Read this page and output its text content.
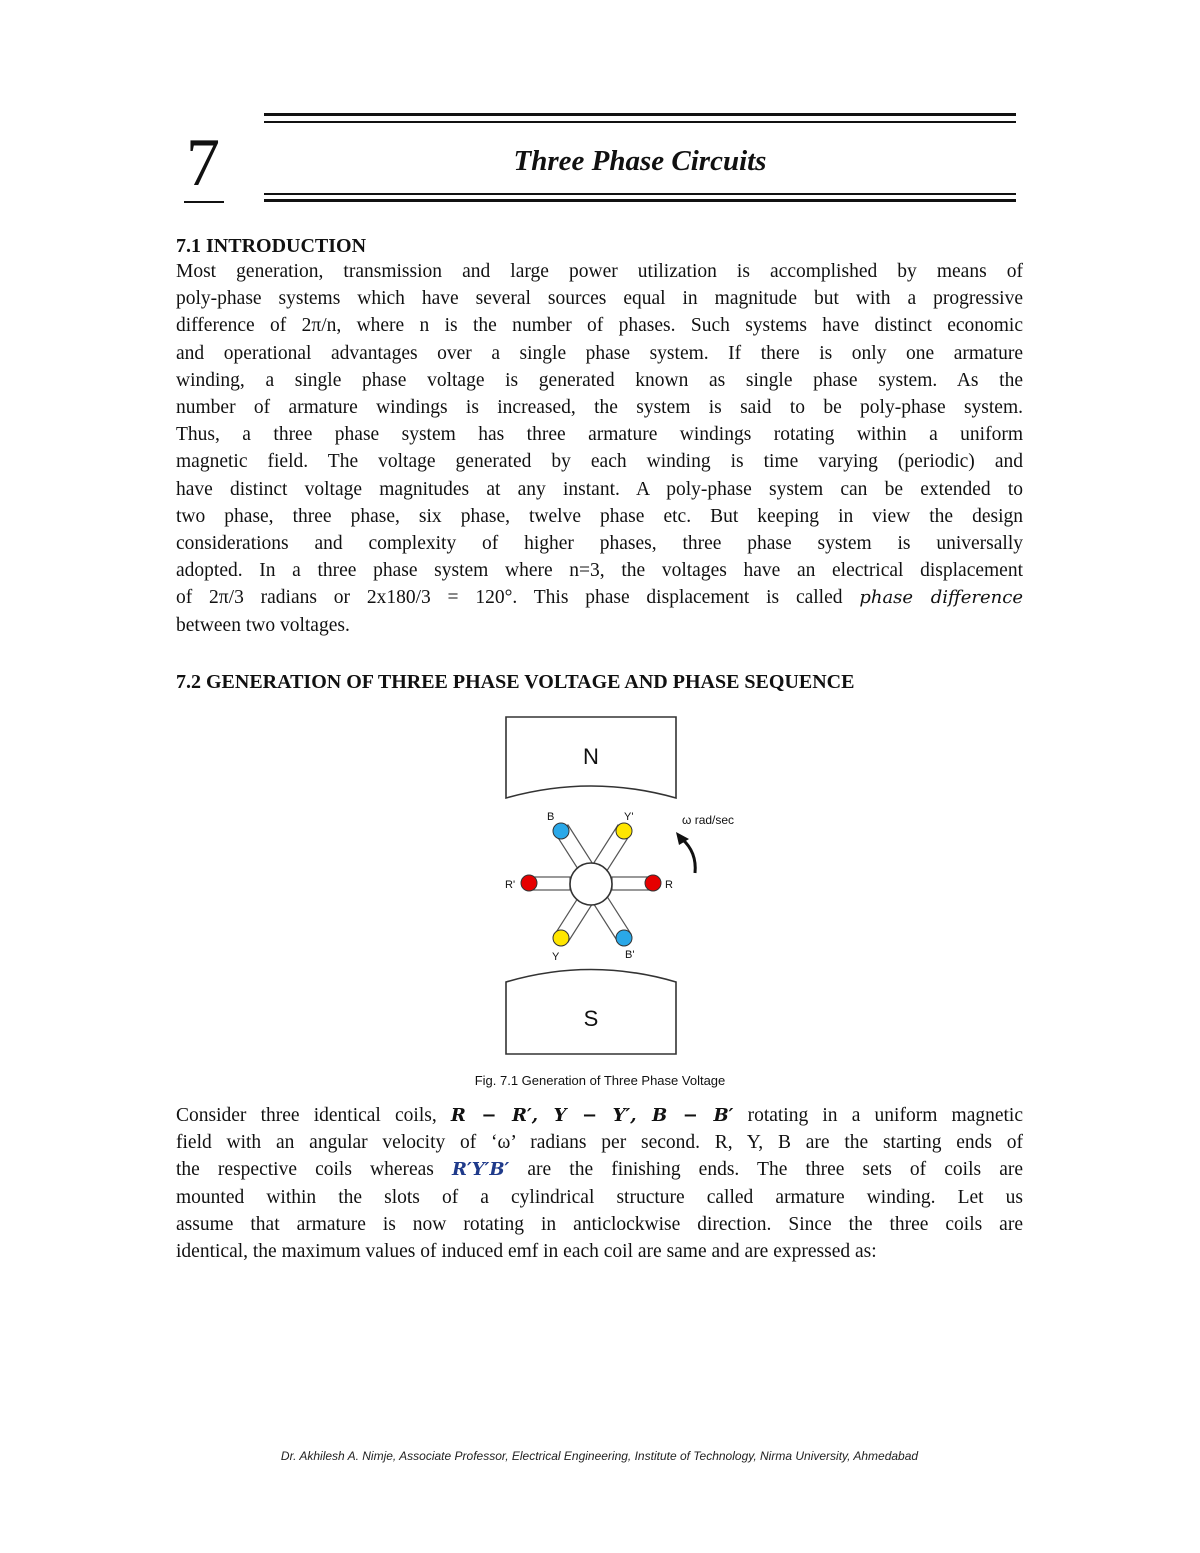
7	Three Phase Circuits
7.1 INTRODUCTION
Most generation, transmission and large power utilization is accomplished by means of
poly-phase systems which have several sources equal in magnitude but with a progressive
difference of 2π/n, where n is the number of phases. Such systems have distinct economic
and operational advantages over a single phase system. If there is only one armature
winding, a single phase voltage is generated known as single phase system. As the
number of armature windings is increased, the system is said to be poly-phase system.
Thus, a three phase system has three armature windings rotating within a uniform
magnetic field. The voltage generated by each winding is time varying (periodic) and
have distinct voltage magnitudes at any instant. A poly-phase system can be extended to
two phase, three phase, six phase, twelve phase etc. But keeping in view the design
considerations and complexity of higher phases, three phase system is universally
adopted. In a three phase system where n=3, the voltages have an electrical displacement
of 2π/3 radians or 2x180/3 = 120°. This phase displacement is called phase difference
between two voltages.
7.2 GENERATION OF THREE PHASE VOLTAGE AND PHASE SEQUENCE
N
S
B	Y'
R'	R
Y	B'
ω rad/sec
Fig. 7.1 Generation of Three Phase Voltage
Consider three identical coils, R − R′, Y − Y′, B − B′ rotating in a uniform magnetic
field with an angular velocity of ‘ω’ radians per second. R, Y, B are the starting ends of
the respective coils whereas R′Y′B′ are the finishing ends. The three sets of coils are
mounted within the slots of a cylindrical structure called armature winding. Let us
assume that armature is now rotating in anticlockwise direction. Since the three coils are
identical, the maximum values of induced emf in each coil are same and are expressed as:
Dr. Akhilesh A. Nimje, Associate Professor, Electrical Engineering, Institute of Technology, Nirma University, Ahmedabad
